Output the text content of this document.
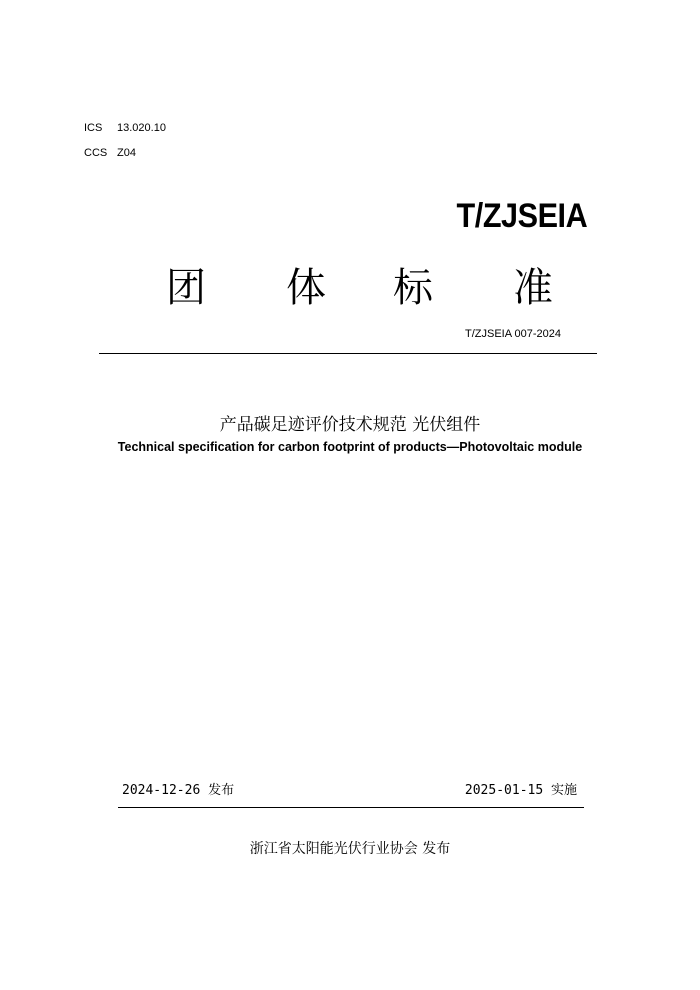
ICS 13.020.10
CCS Z04
T/ZJSEIA
团 体 标 准
T/ZJSEIA 007-2024
产品碳足迹评价技术规范 光伏组件
Technical specification for carbon footprint of products—Photovoltaic module
2024-12-26 发布	2025-01-15 实施
浙江省太阳能光伏行业协会 发布
